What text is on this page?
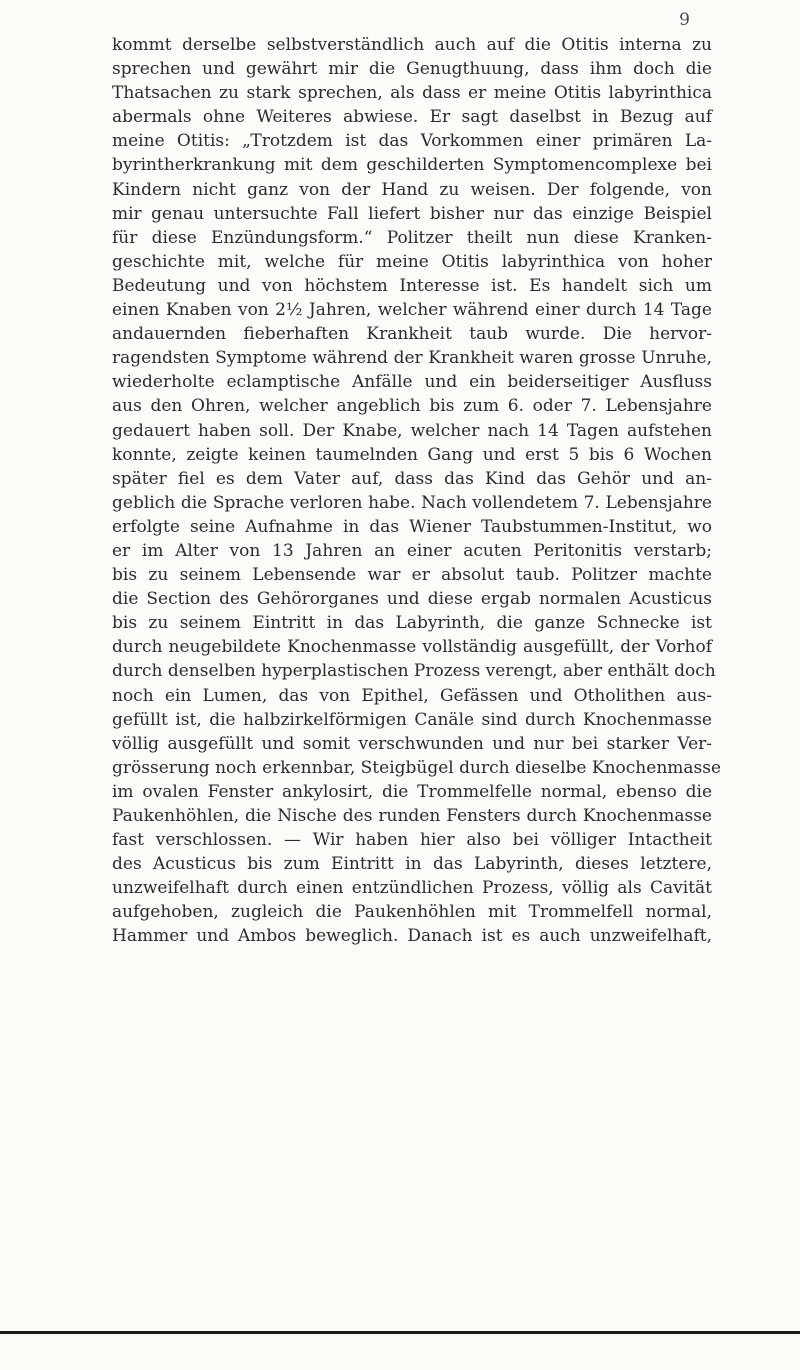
9
kommt derselbe selbstverständlich auch auf die Otitis interna zu
sprechen und gewährt mir die Genugthuung, dass ihm doch die
Thatsachen zu stark sprechen, als dass er meine Otitis labyrinthica
abermals ohne Weiteres abwiese. Er sagt daselbst in Bezug auf
meine Otitis: „Trotzdem ist das Vorkommen einer primären La-
byrintherkrankung mit dem geschilderten Symptomencomplexe bei
Kindern nicht ganz von der Hand zu weisen. Der folgende, von
mir genau untersuchte Fall liefert bisher nur das einzige Beispiel
für diese Enzündungsform.“ Politzer theilt nun diese Kranken-
geschichte mit, welche für meine Otitis labyrinthica von hoher
Bedeutung und von höchstem Interesse ist. Es handelt sich um
einen Knaben von 2½ Jahren, welcher während einer durch 14 Tage
andauernden fieberhaften Krankheit taub wurde. Die hervor-
ragendsten Symptome während der Krankheit waren grosse Unruhe,
wiederholte eclamptische Anfälle und ein beiderseitiger Ausfluss
aus den Ohren, welcher angeblich bis zum 6. oder 7. Lebensjahre
gedauert haben soll. Der Knabe, welcher nach 14 Tagen aufstehen
konnte, zeigte keinen taumelnden Gang und erst 5 bis 6 Wochen
später fiel es dem Vater auf, dass das Kind das Gehör und an-
geblich die Sprache verloren habe. Nach vollendetem 7. Lebensjahre
erfolgte seine Aufnahme in das Wiener Taubstummen-Institut, wo
er im Alter von 13 Jahren an einer acuten Peritonitis verstarb;
bis zu seinem Lebensende war er absolut taub. Politzer machte
die Section des Gehörorganes und diese ergab normalen Acusticus
bis zu seinem Eintritt in das Labyrinth, die ganze Schnecke ist
durch neugebildete Knochenmasse vollständig ausgefüllt, der Vorhof
durch denselben hyperplastischen Prozess verengt, aber enthält doch
noch ein Lumen, das von Epithel, Gefässen und Otholithen aus-
gefüllt ist, die halbzirkelförmigen Canäle sind durch Knochenmasse
völlig ausgefüllt und somit verschwunden und nur bei starker Ver-
grösserung noch erkennbar, Steigbügel durch dieselbe Knochenmasse
im ovalen Fenster ankylosirt, die Trommelfelle normal, ebenso die
Paukenhöhlen, die Nische des runden Fensters durch Knochenmasse
fast verschlossen. — Wir haben hier also bei völliger Intactheit
des Acusticus bis zum Eintritt in das Labyrinth, dieses letztere,
unzweifelhaft durch einen entzündlichen Prozess, völlig als Cavität
aufgehoben, zugleich die Paukenhöhlen mit Trommelfell normal,
Hammer und Ambos beweglich. Danach ist es auch unzweifelhaft,
